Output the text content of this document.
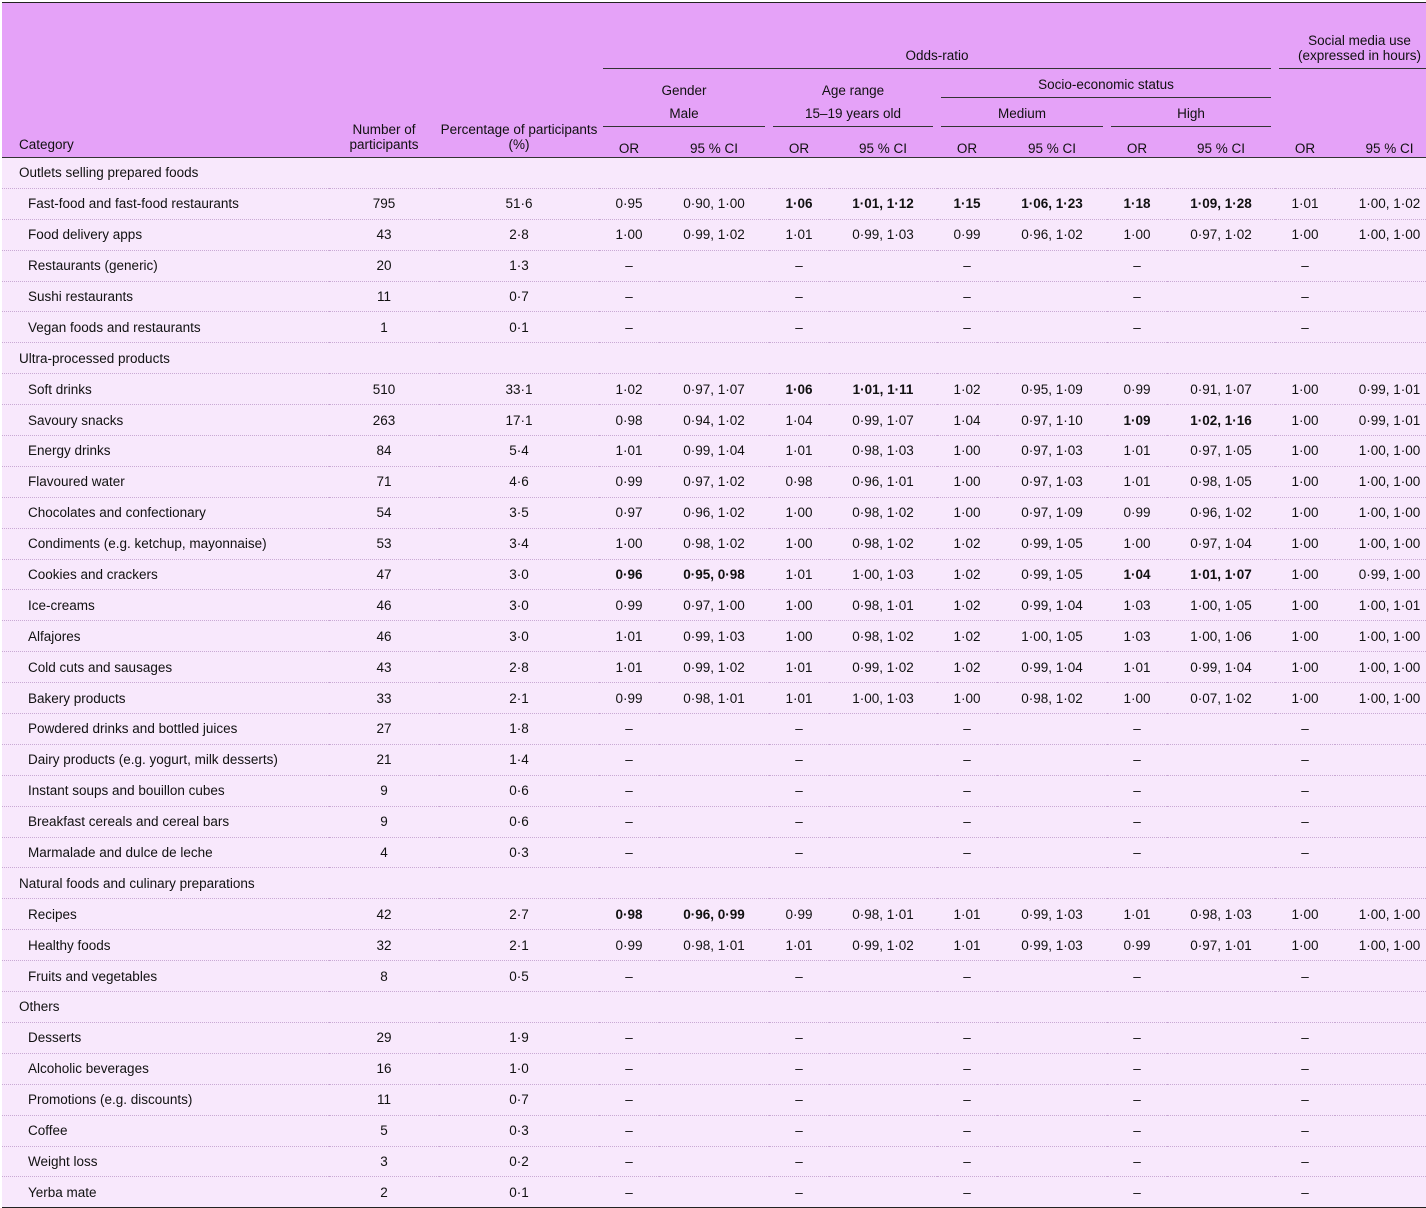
Category	Number of participants	Percentage of participants (%)	Odds-ratio								Social media use (expressed in hours)	

			Gender		Age range		Socio-economic status					

			Male		15–19 years old		Medium		High			

			OR	95 % CI	OR	95 % CI	OR	95 % CI	OR	95 % CI	OR	95 % CI
Outlets selling prepared foods												
Fast-food and fast-food restaurants	795	51·6	0·95	0·90, 1·00	1·06	1·01, 1·12	1·15	1·06, 1·23	1·18	1·09, 1·28	1·01	1·00, 1·02
Food delivery apps	43	2·8	1·00	0·99, 1·02	1·01	0·99, 1·03	0·99	0·96, 1·02	1·00	0·97, 1·02	1·00	1·00, 1·00
Restaurants (generic)	20	1·3	–		–		–		–		–	
Sushi restaurants	11	0·7	–		–		–		–		–	
Vegan foods and restaurants	1	0·1	–		–		–		–		–	
Ultra-processed products												
Soft drinks	510	33·1	1·02	0·97, 1·07	1·06	1·01, 1·11	1·02	0·95, 1·09	0·99	0·91, 1·07	1·00	0·99, 1·01
Savoury snacks	263	17·1	0·98	0·94, 1·02	1·04	0·99, 1·07	1·04	0·97, 1·10	1·09	1·02, 1·16	1·00	0·99, 1·01
Energy drinks	84	5·4	1·01	0·99, 1·04	1·01	0·98, 1·03	1·00	0·97, 1·03	1·01	0·97, 1·05	1·00	1·00, 1·00
Flavoured water	71	4·6	0·99	0·97, 1·02	0·98	0·96, 1·01	1·00	0·97, 1·03	1·01	0·98, 1·05	1·00	1·00, 1·00
Chocolates and confectionary	54	3·5	0·97	0·96, 1·02	1·00	0·98, 1·02	1·00	0·97, 1·09	0·99	0·96, 1·02	1·00	1·00, 1·00
Condiments (e.g. ketchup, mayonnaise)	53	3·4	1·00	0·98, 1·02	1·00	0·98, 1·02	1·02	0·99, 1·05	1·00	0·97, 1·04	1·00	1·00, 1·00
Cookies and crackers	47	3·0	0·96	0·95, 0·98	1·01	1·00, 1·03	1·02	0·99, 1·05	1·04	1·01, 1·07	1·00	0·99, 1·00
Ice-creams	46	3·0	0·99	0·97, 1·00	1·00	0·98, 1·01	1·02	0·99, 1·04	1·03	1·00, 1·05	1·00	1·00, 1·01
Alfajores	46	3·0	1·01	0·99, 1·03	1·00	0·98, 1·02	1·02	1·00, 1·05	1·03	1·00, 1·06	1·00	1·00, 1·00
Cold cuts and sausages	43	2·8	1·01	0·99, 1·02	1·01	0·99, 1·02	1·02	0·99, 1·04	1·01	0·99, 1·04	1·00	1·00, 1·00
Bakery products	33	2·1	0·99	0·98, 1·01	1·01	1·00, 1·03	1·00	0·98, 1·02	1·00	0·07, 1·02	1·00	1·00, 1·00
Powdered drinks and bottled juices	27	1·8	–		–		–		–		–	
Dairy products (e.g. yogurt, milk desserts)	21	1·4	–		–		–		–		–	
Instant soups and bouillon cubes	9	0·6	–		–		–		–		–	
Breakfast cereals and cereal bars	9	0·6	–		–		–		–		–	
Marmalade and dulce de leche	4	0·3	–		–		–		–		–	
Natural foods and culinary preparations												
Recipes	42	2·7	0·98	0·96, 0·99	0·99	0·98, 1·01	1·01	0·99, 1·03	1·01	0·98, 1·03	1·00	1·00, 1·00
Healthy foods	32	2·1	0·99	0·98, 1·01	1·01	0·99, 1·02	1·01	0·99, 1·03	0·99	0·97, 1·01	1·00	1·00, 1·00
Fruits and vegetables	8	0·5	–		–		–		–		–	
Others												
Desserts	29	1·9	–		–		–		–		–	
Alcoholic beverages	16	1·0	–		–		–		–		–	
Promotions (e.g. discounts)	11	0·7	–		–		–		–		–	
Coffee	5	0·3	–		–		–		–		–	
Weight loss	3	0·2	–		–		–		–		–	
Yerba mate	2	0·1	–		–		–		–		–	
